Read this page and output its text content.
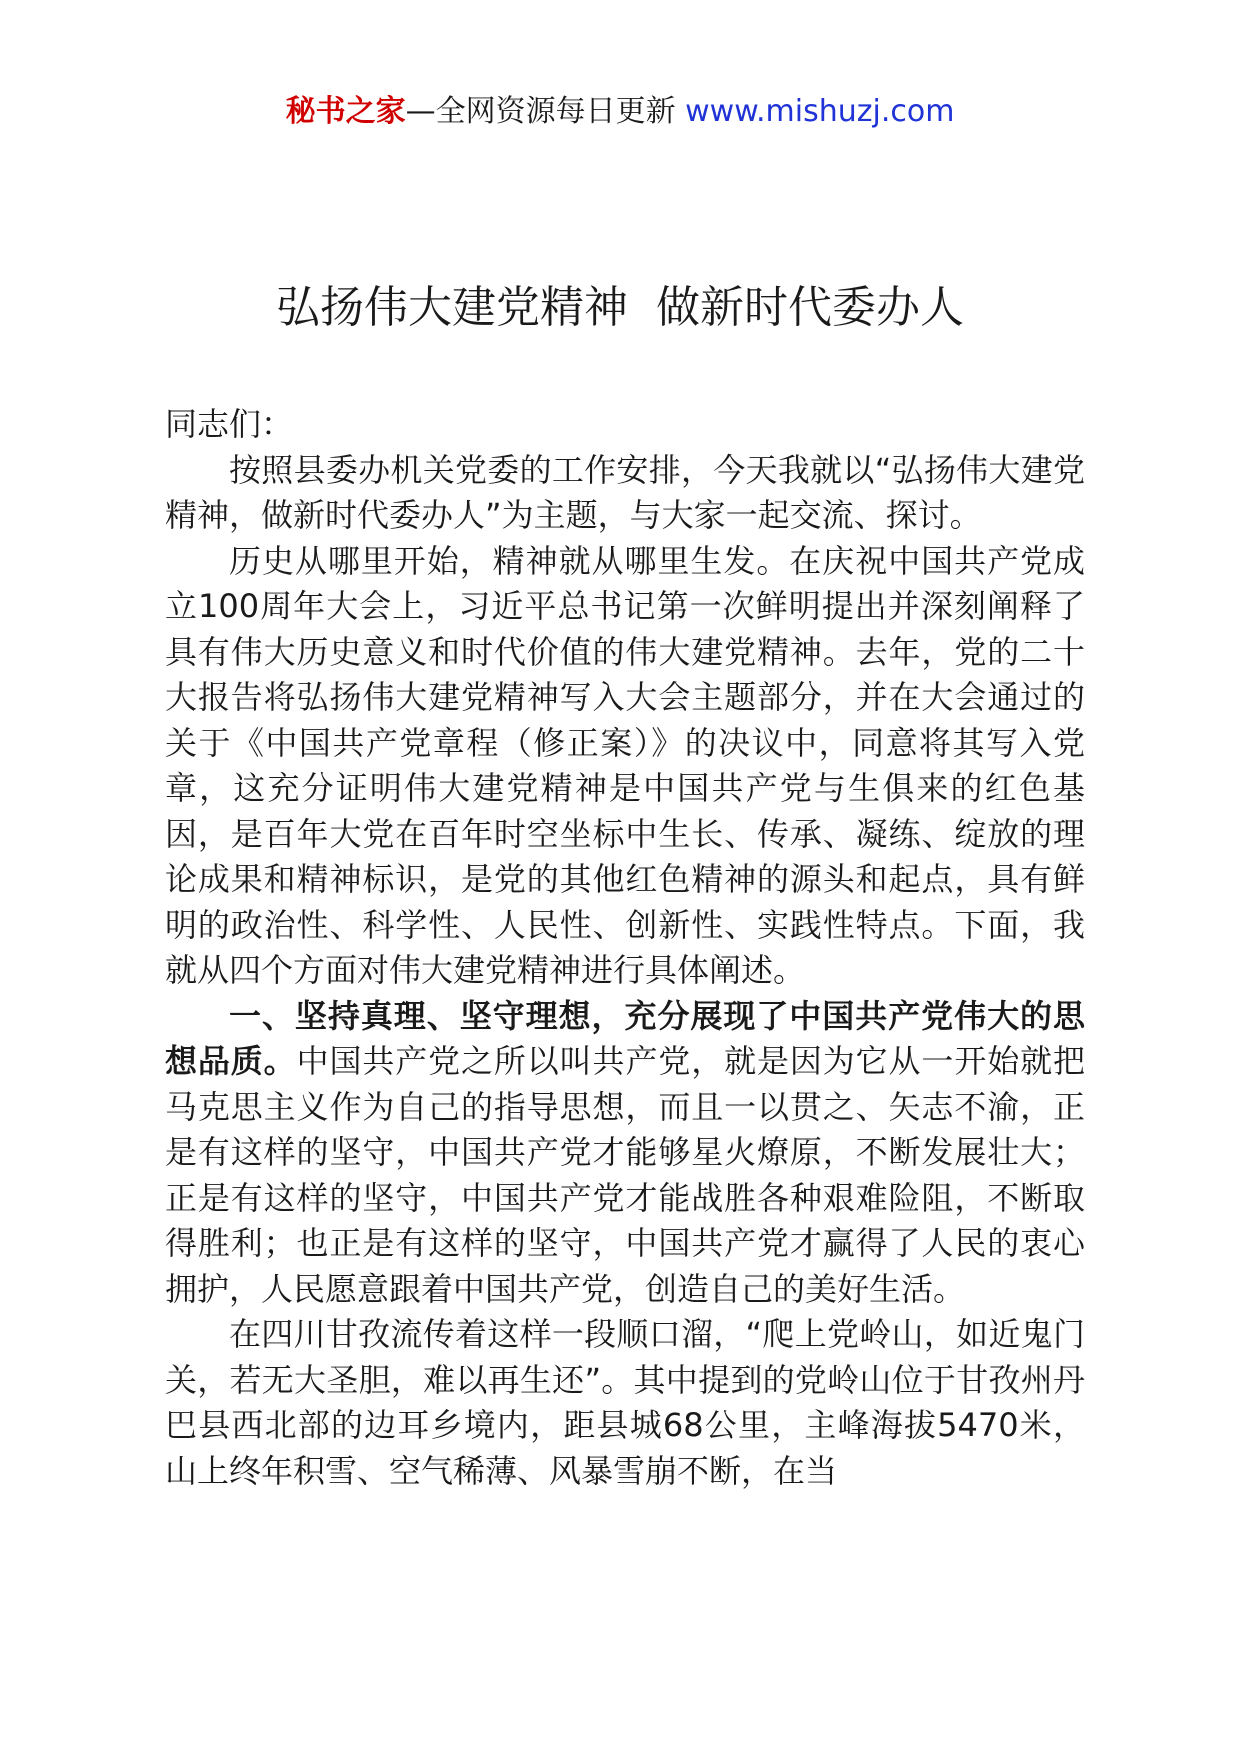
秘书之家—全网资源每日更新 www.mishuzj.com
弘扬伟大建党精神  做新时代委办人

同志们：

按照县委办机关党委的工作安排，今天我就以“弘扬伟大建党精神，做新时代委办人”为主题，与大家一起交流、探讨。

历史从哪里开始，精神就从哪里生发。在庆祝中国共产党成立100周年大会上，习近平总书记第一次鲜明提出并深刻阐释了具有伟大历史意义和时代价值的伟大建党精神。去年，党的二十大报告将弘扬伟大建党精神写入大会主题部分，并在大会通过的关于《中国共产党章程（修正案）》的决议中，同意将其写入党章，这充分证明伟大建党精神是中国共产党与生俱来的红色基因，是百年大党在百年时空坐标中生长、传承、凝练、绽放的理论成果和精神标识，是党的其他红色精神的源头和起点，具有鲜明的政治性、科学性、人民性、创新性、实践性特点。下面，我就从四个方面对伟大建党精神进行具体阐述。

一、坚持真理、坚守理想，充分展现了中国共产党伟大的思想品质。中国共产党之所以叫共产党，就是因为它从一开始就把马克思主义作为自己的指导思想，而且一以贯之、矢志不渝，正是有这样的坚守，中国共产党才能够星火燎原，不断发展壮大；正是有这样的坚守，中国共产党才能战胜各种艰难险阻，不断取得胜利；也正是有这样的坚守，中国共产党才赢得了人民的衷心拥护，人民愿意跟着中国共产党，创造自己的美好生活。

在四川甘孜流传着这样一段顺口溜，“爬上党岭山，如近鬼门关，若无大圣胆，难以再生还”。其中提到的党岭山位于甘孜州丹巴县西北部的边耳乡境内，距县城68公里，主峰海拔5470米，山上终年积雪、空气稀薄、风暴雪崩不断，在当
